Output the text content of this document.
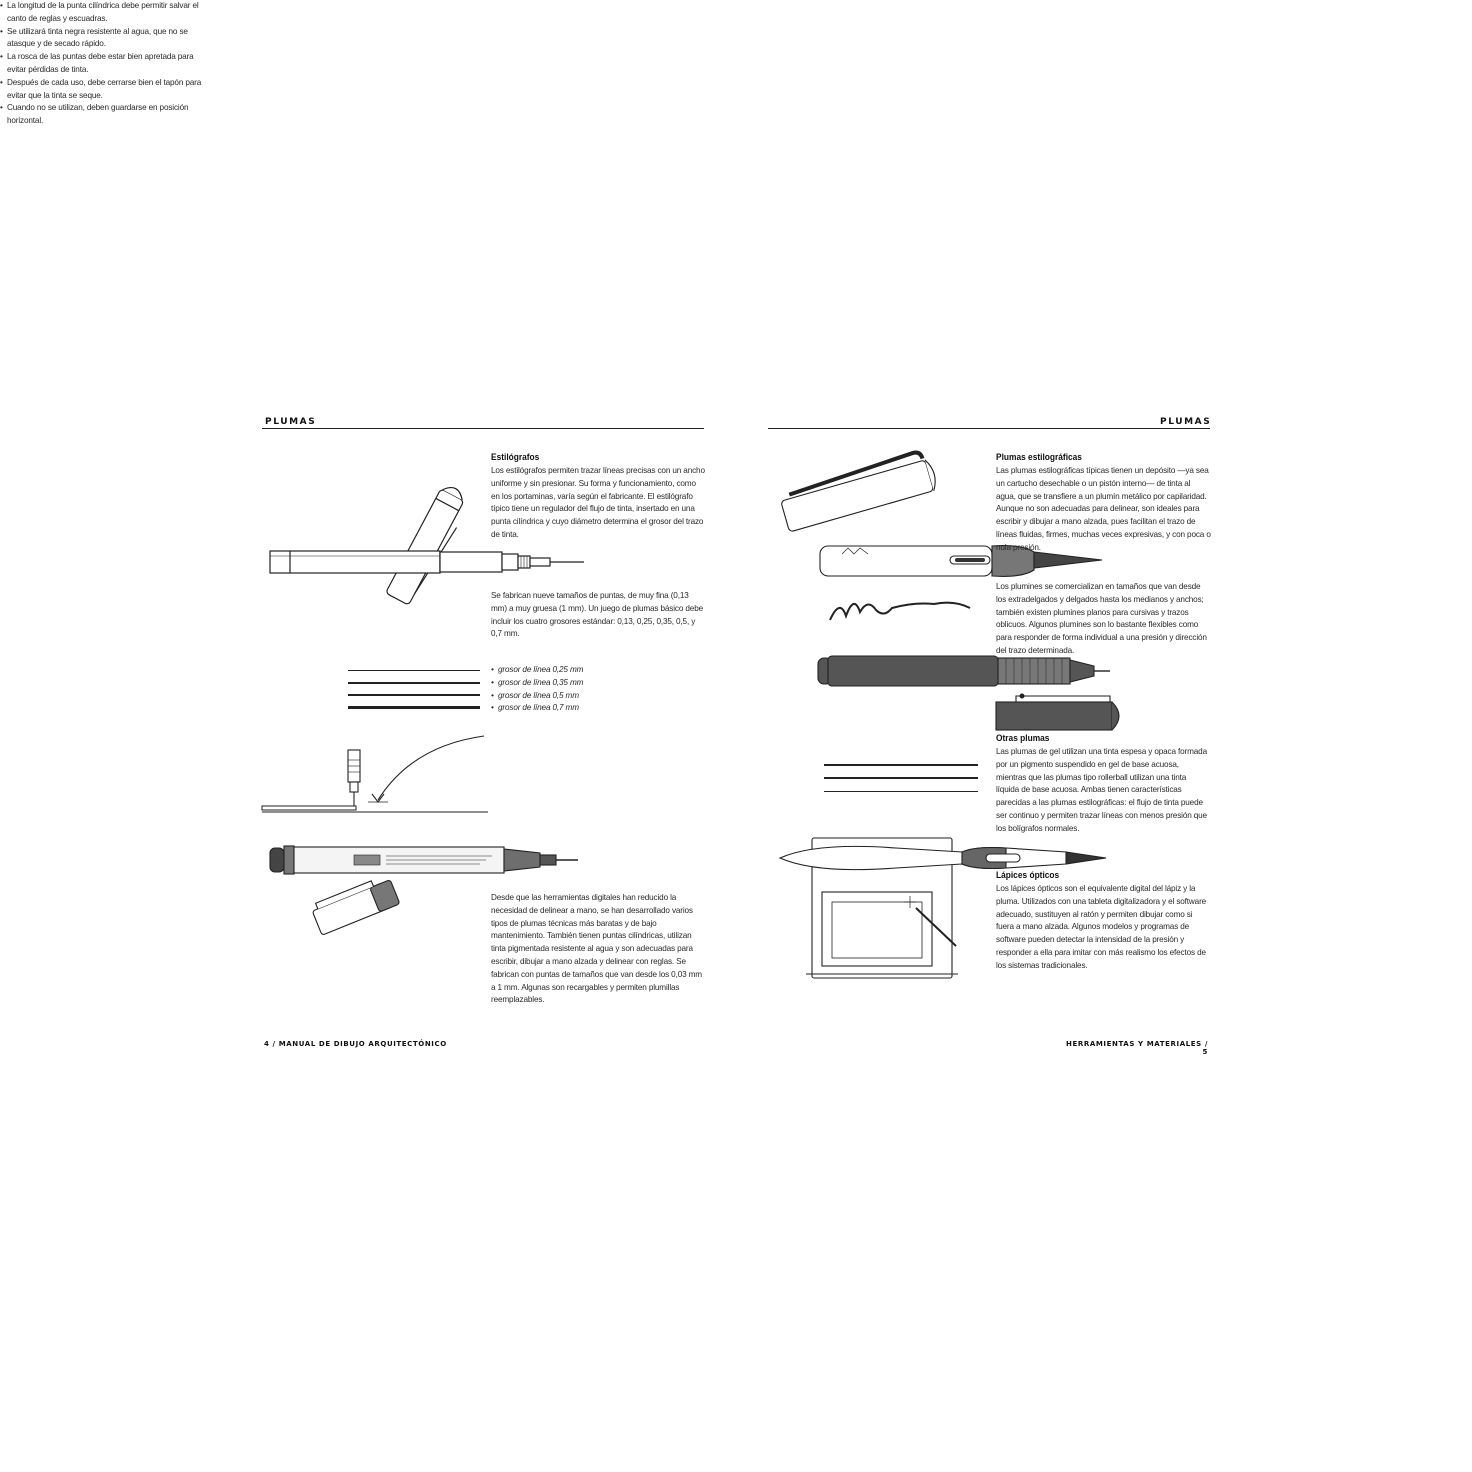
PLUMAS

Estilógrafos

Los estilógrafos permiten trazar líneas precisas con un ancho uniforme y sin presionar. Su forma y funcionamiento, como en los portaminas, varía según el fabricante. El estilógrafo típico tiene un regulador del flujo de tinta, insertado en una punta cilíndrica y cuyo diámetro determina el grosor del trazo de tinta.

Se fabrican nueve tamaños de puntas, de muy fina (0,13 mm) a muy gruesa (1 mm). Un juego de plumas básico debe incluir los cuatro grosores estándar: 0,13, 0,25, 0,35, 0,5, y 0,7 mm.

• grosor de línea 0,25 mm
• grosor de línea 0,35 mm
• grosor de línea 0,5 mm
• grosor de línea 0,7 mm
• La longitud de la punta cilíndrica debe permitir salvar el canto de reglas y escuadras.
• Se utilizará tinta negra resistente al agua, que no se atasque y de secado rápido.
• La rosca de las puntas debe estar bien apretada para evitar pérdidas de tinta.
• Después de cada uso, debe cerrarse bien el tapón para evitar que la tinta se seque.
• Cuando no se utilizan, deben guardarse en posición horizontal.

Desde que las herramientas digitales han reducido la necesidad de delinear a mano, se han desarrollado varios tipos de plumas técnicas más baratas y de bajo mantenimiento. También tienen puntas cilíndricas, utilizan tinta pigmentada resistente al agua y son adecuadas para escribir, dibujar a mano alzada y delinear con reglas. Se fabrican con puntas de tamaños que van desde los 0,03 mm a 1 mm. Algunas son recargables y permiten plumillas reemplazables.

4 / MANUAL DE DIBUJO ARQUITECTÓNICO
PLUMAS

Plumas estilográficas

Las plumas estilográficas típicas tienen un depósito —ya sea un cartucho desechable o un pistón interno— de tinta al agua, que se transfiere a un plumín metálico por capilaridad. Aunque no son adecuadas para delinear, son ideales para escribir y dibujar a mano alzada, pues facilitan el trazo de líneas fluidas, firmes, muchas veces expresivas, y con poca o nula presión.

Los plumines se comercializan en tamaños que van desde los extradelgados y delgados hasta los medianos y anchos; también existen plumines planos para cursivas y trazos oblicuos. Algunos plumines son lo bastante flexibles como para responder de forma individual a una presión y dirección del trazo determinada.

Otras plumas

Las plumas de gel utilizan una tinta espesa y opaca formada por un pigmento suspendido en gel de base acuosa, mientras que las plumas tipo rollerball utilizan una tinta líquida de base acuosa. Ambas tienen características parecidas a las plumas estilográficas: el flujo de tinta puede ser continuo y permiten trazar líneas con menos presión que los bolígrafos normales.

Lápices ópticos

Los lápices ópticos son el equivalente digital del lápiz y la pluma. Utilizados con una tableta digitalizadora y el software adecuado, sustituyen al ratón y permiten dibujar como si fuera a mano alzada. Algunos modelos y programas de software pueden detectar la intensidad de la presión y responder a ella para imitar con más realismo los efectos de los sistemas tradicionales.

HERRAMIENTAS Y MATERIALES / 5
